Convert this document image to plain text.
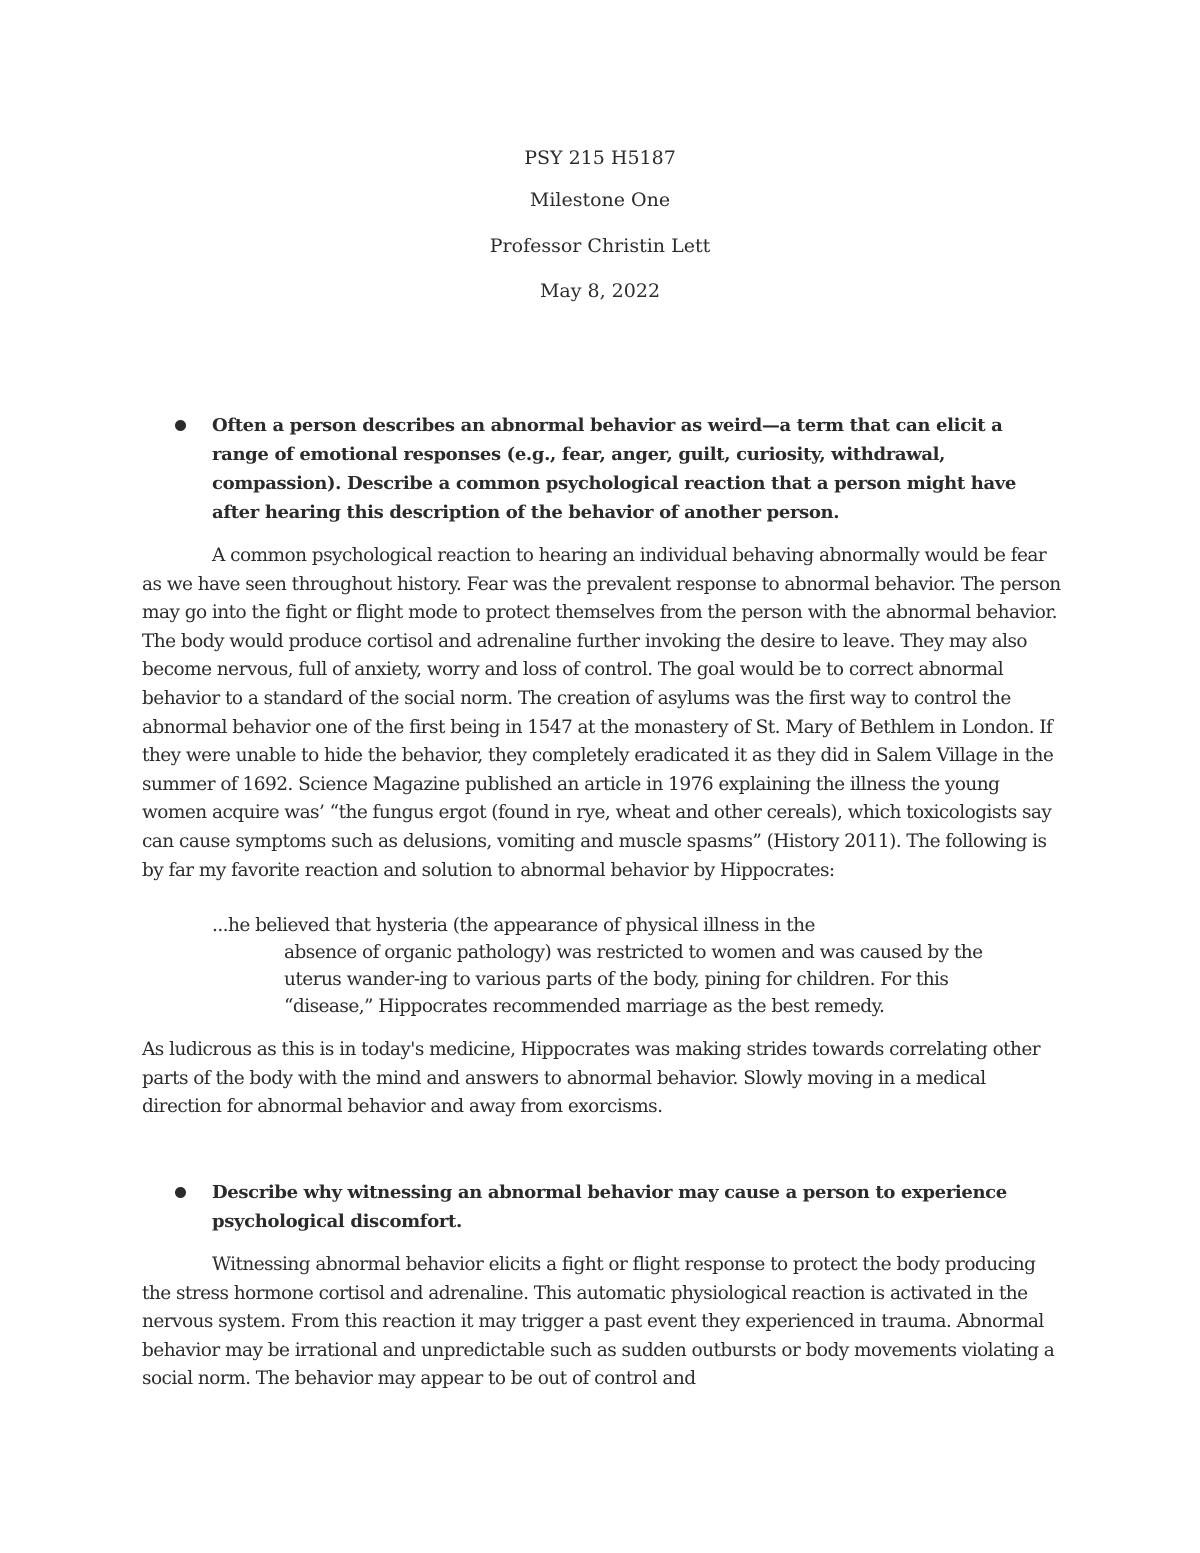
PSY 215 H5187
Milestone One
Professor Christin Lett
May 8, 2022
Often a person describes an abnormal behavior as weird—a term that can elicit a range of emotional responses (e.g., fear, anger, guilt, curiosity, withdrawal, compassion). Describe a common psychological reaction that a person might have after hearing this description of the behavior of another person.

A common psychological reaction to hearing an individual behaving abnormally would be fear as we have seen throughout history. Fear was the prevalent response to abnormal behavior. The person may go into the fight or flight mode to protect themselves from the person with the abnormal behavior. The body would produce cortisol and adrenaline further invoking the desire to leave. They may also become nervous, full of anxiety, worry and loss of control. The goal would be to correct abnormal behavior to a standard of the social norm. The creation of asylums was the first way to control the abnormal behavior one of the first being in 1547 at the monastery of St. Mary of Bethlem in London. If they were unable to hide the behavior, they completely eradicated it as they did in Salem Village in the summer of 1692. Science Magazine published an article in 1976 explaining the illness the young women acquire was’ “the fungus ergot (found in rye, wheat and other cereals), which toxicologists say can cause symptoms such as delusions, vomiting and muscle spasms” (History 2011). The following is by far my favorite reaction and solution to abnormal behavior by Hippocrates:

...he believed that hysteria (the appearance of physical illness in the
absence of organic pathology) was restricted to women and was caused by the uterus wander-ing to various parts of the body, pining for children. For this “disease,” Hippocrates recommended marriage as the best remedy.

As ludicrous as this is in today's medicine, Hippocrates was making strides towards correlating other parts of the body with the mind and answers to abnormal behavior. Slowly moving in a medical direction for abnormal behavior and away from exorcisms.

Describe why witnessing an abnormal behavior may cause a person to experience psychological discomfort.

Witnessing abnormal behavior elicits a fight or flight response to protect the body producing the stress hormone cortisol and adrenaline. This automatic physiological reaction is activated in the nervous system. From this reaction it may trigger a past event they experienced in trauma. Abnormal behavior may be irrational and unpredictable such as sudden outbursts or body movements violating a social norm. The behavior may appear to be out of control and
